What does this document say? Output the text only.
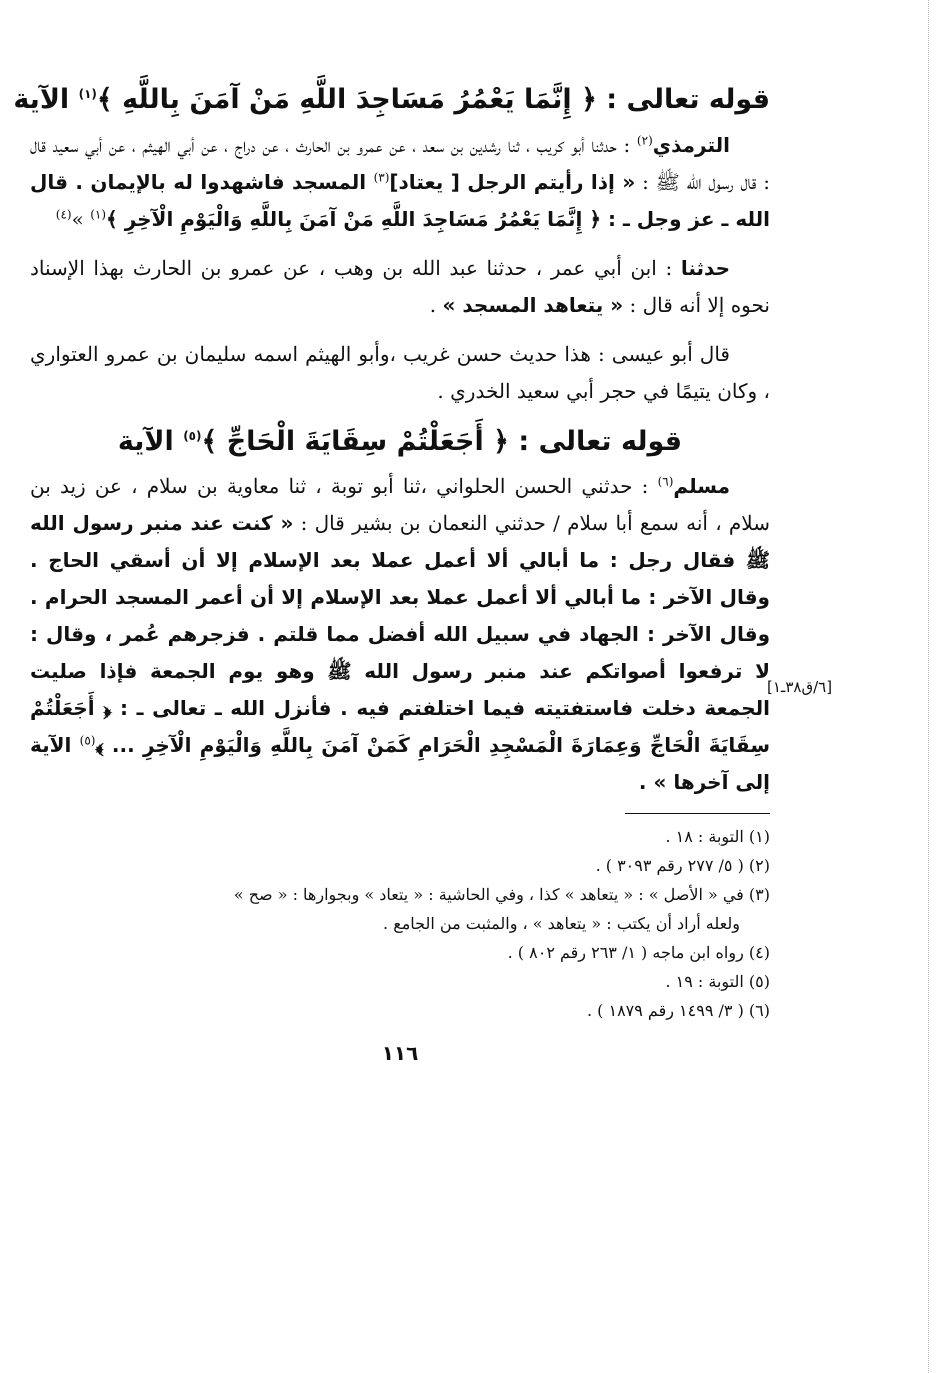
قوله تعالى : ﴿ إِنَّمَا يَعْمُرُ مَسَاجِدَ اللَّهِ مَنْ آمَنَ بِاللَّهِ ﴾$^{(١)}$ الآية

الترمذي$^{(٢)}$ : حدثنا أبو كريب ، ثنا رشدين بن سعد ، عن عمرو بن الحارث ، عن دراج ، عن أبي الهيثم ، عن أبي سعيد قال : قال رسول الله ﷺ : « إذا رأيتم الرجل [ يعتاد]$^{(٣)}$ المسجد فاشهدوا له بالإيمان . قال الله ـ عز وجل ـ : ﴿ إِنَّمَا يَعْمُرُ مَسَاجِدَ اللَّهِ مَنْ آمَنَ بِاللَّهِ وَالْيَوْمِ الْآخِرِ ﴾$^{(١)}$ »$^{(٤)}$

حدثنا : ابن أبي عمر ، حدثنا عبد الله بن وهب ، عن عمرو بن الحارث بهذا الإسناد نحوه إلا أنه قال : « يتعاهد المسجد » .

قال أبو عيسى : هذا حديث حسن غريب ،وأبو الهيثم اسمه سليمان بن عمرو العتواري ، وكان يتيمًا في حجر أبي سعيد الخدري .

قوله تعالى : ﴿ أَجَعَلْتُمْ سِقَايَةَ الْحَاجِّ ﴾$^{(٥)}$ الآية

مسلم$^{(٦)}$ : حدثني الحسن الحلواني ،ثنا أبو توبة ، ثنا معاوية بن سلام ، عن زيد بن سلام ، أنه سمع أبا سلام / حدثني النعمان بن بشير قال : « كنت عند منبر رسول الله ﷺ فقال رجل : ما أبالي ألا أعمل عملا بعد الإسلام إلا أن أسقي الحاج . وقال الآخر : ما أبالي ألا أعمل عملا بعد الإسلام إلا أن أعمر المسجد الحرام . وقال الآخر : الجهاد في سبيل الله أفضل مما قلتم . فزجرهم عُمر ، وقال : لا ترفعوا أصواتكم عند منبر رسول الله ﷺ وهو يوم الجمعة فإذا صليت الجمعة دخلت فاستفتيته فيما اختلفتم فيه . فأنزل الله ـ تعالى ـ : ﴿ أَجَعَلْتُمْ سِقَايَةَ الْحَاجِّ وَعِمَارَةَ الْمَسْجِدِ الْحَرَامِ كَمَنْ آمَنَ بِاللَّهِ وَالْيَوْمِ الْآخِرِ ... ﴾$^{(٥)}$ الآية إلى آخرها » .

(١) التوبة : ١٨ .

(٢) ( ٥/ ٢٧٧ رقم ٣٠٩٣ ) .

(٣) في « الأصل » : « يتعاهد » كذا ، وفي الحاشية : « يتعاد » وبجوارها : « صح »

ولعله أراد أن يكتب : « يتعاهد » ، والمثبت من الجامع .

(٤) رواه ابن ماجه ( ١/ ٢٦٣ رقم ٨٠٢ ) .

(٥) التوبة : ١٩ .

(٦) ( ٣/ ١٤٩٩ رقم ١٨٧٩ ) .

١١٦
[٦/ق٣٨ـ١]
